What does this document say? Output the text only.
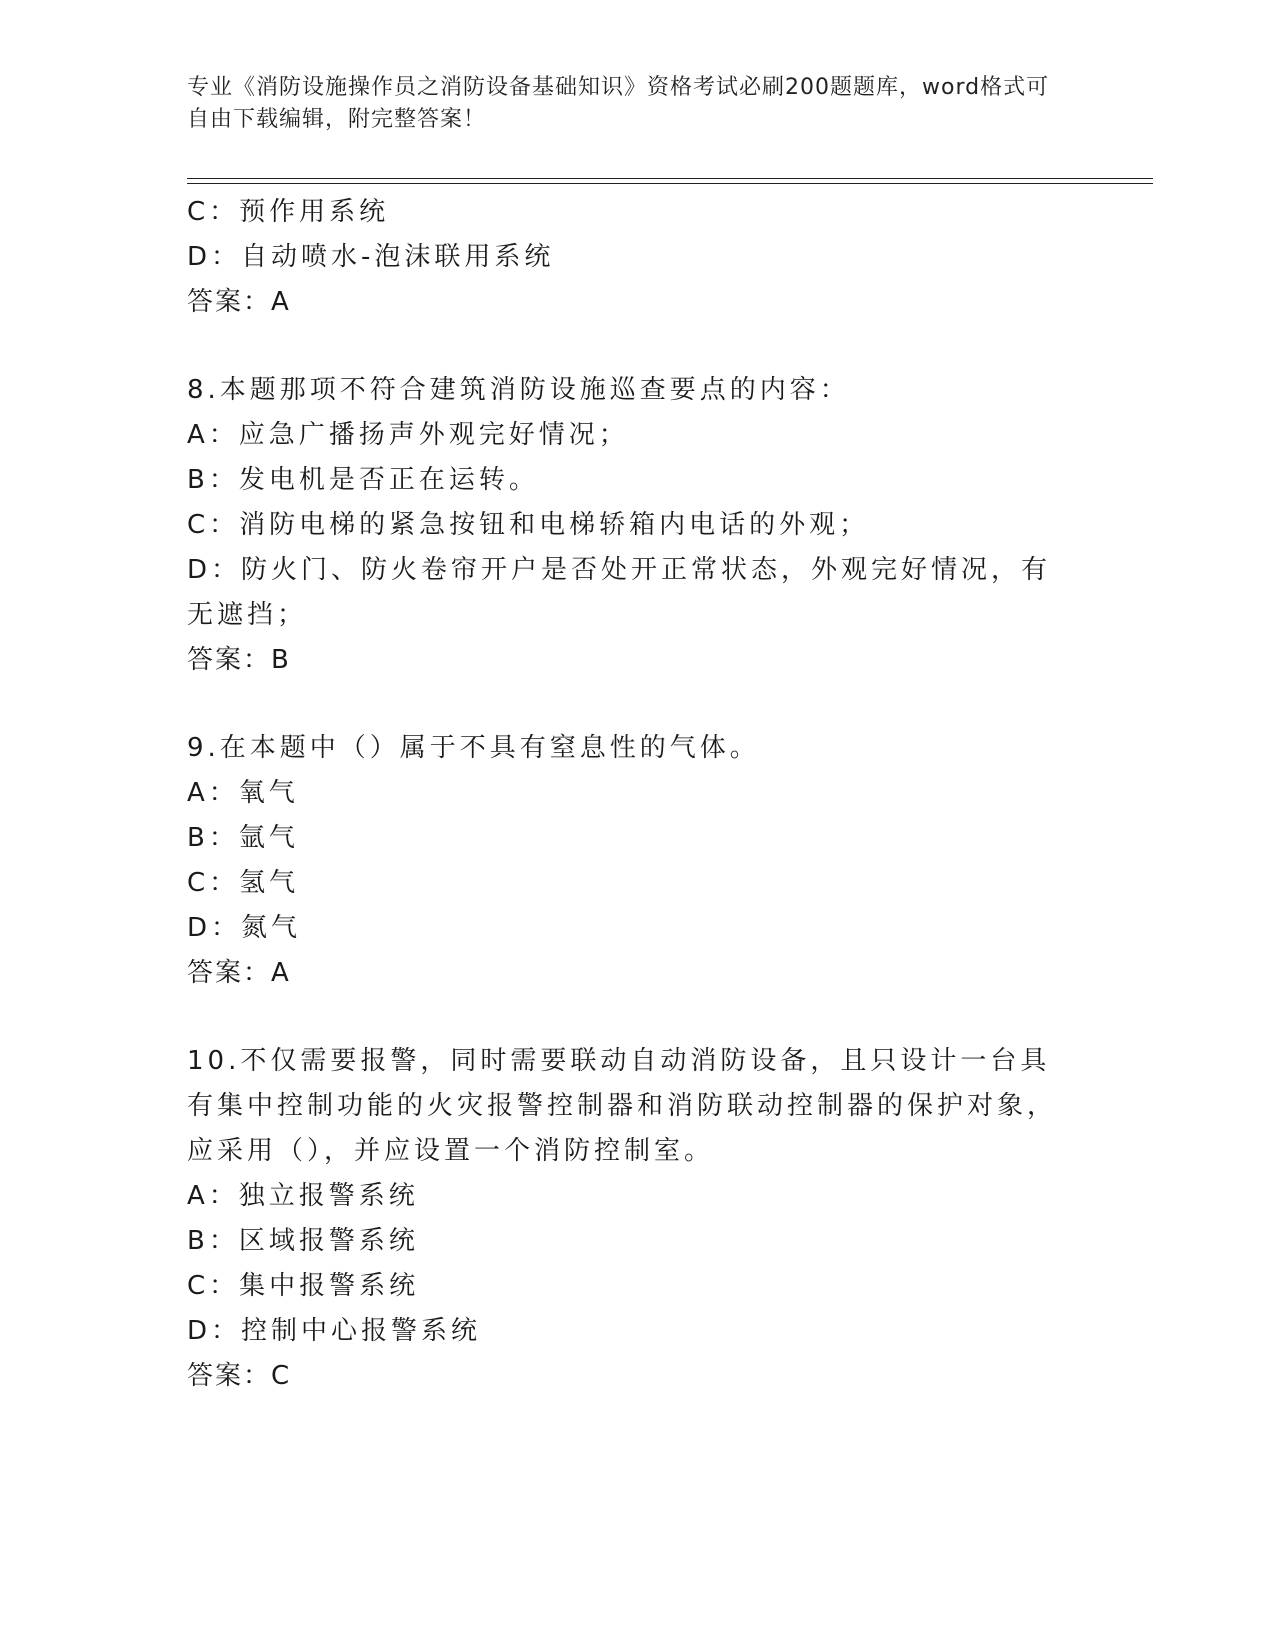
专业《消防设施操作员之消防设备基础知识》资格考试必刷200题题库，word格式可自由下载编辑，附完整答案！
C：预作用系统
D：自动喷水-泡沫联用系统
答案：A
8.本题那项不符合建筑消防设施巡查要点的内容：
A：应急广播扬声外观完好情况；
B：发电机是否正在运转。
C：消防电梯的紧急按钮和电梯轿箱内电话的外观；
D：防火门、防火卷帘开户是否处开正常状态，外观完好情况，有无遮挡；
答案：B
9.在本题中（）属于不具有窒息性的气体。
A：氧气
B：氩气
C：氢气
D：氮气
答案：A
10.不仅需要报警，同时需要联动自动消防设备，且只设计一台具有集中控制功能的火灾报警控制器和消防联动控制器的保护对象，应采用（），并应设置一个消防控制室。
A：独立报警系统
B：区域报警系统
C：集中报警系统
D：控制中心报警系统
答案：C
